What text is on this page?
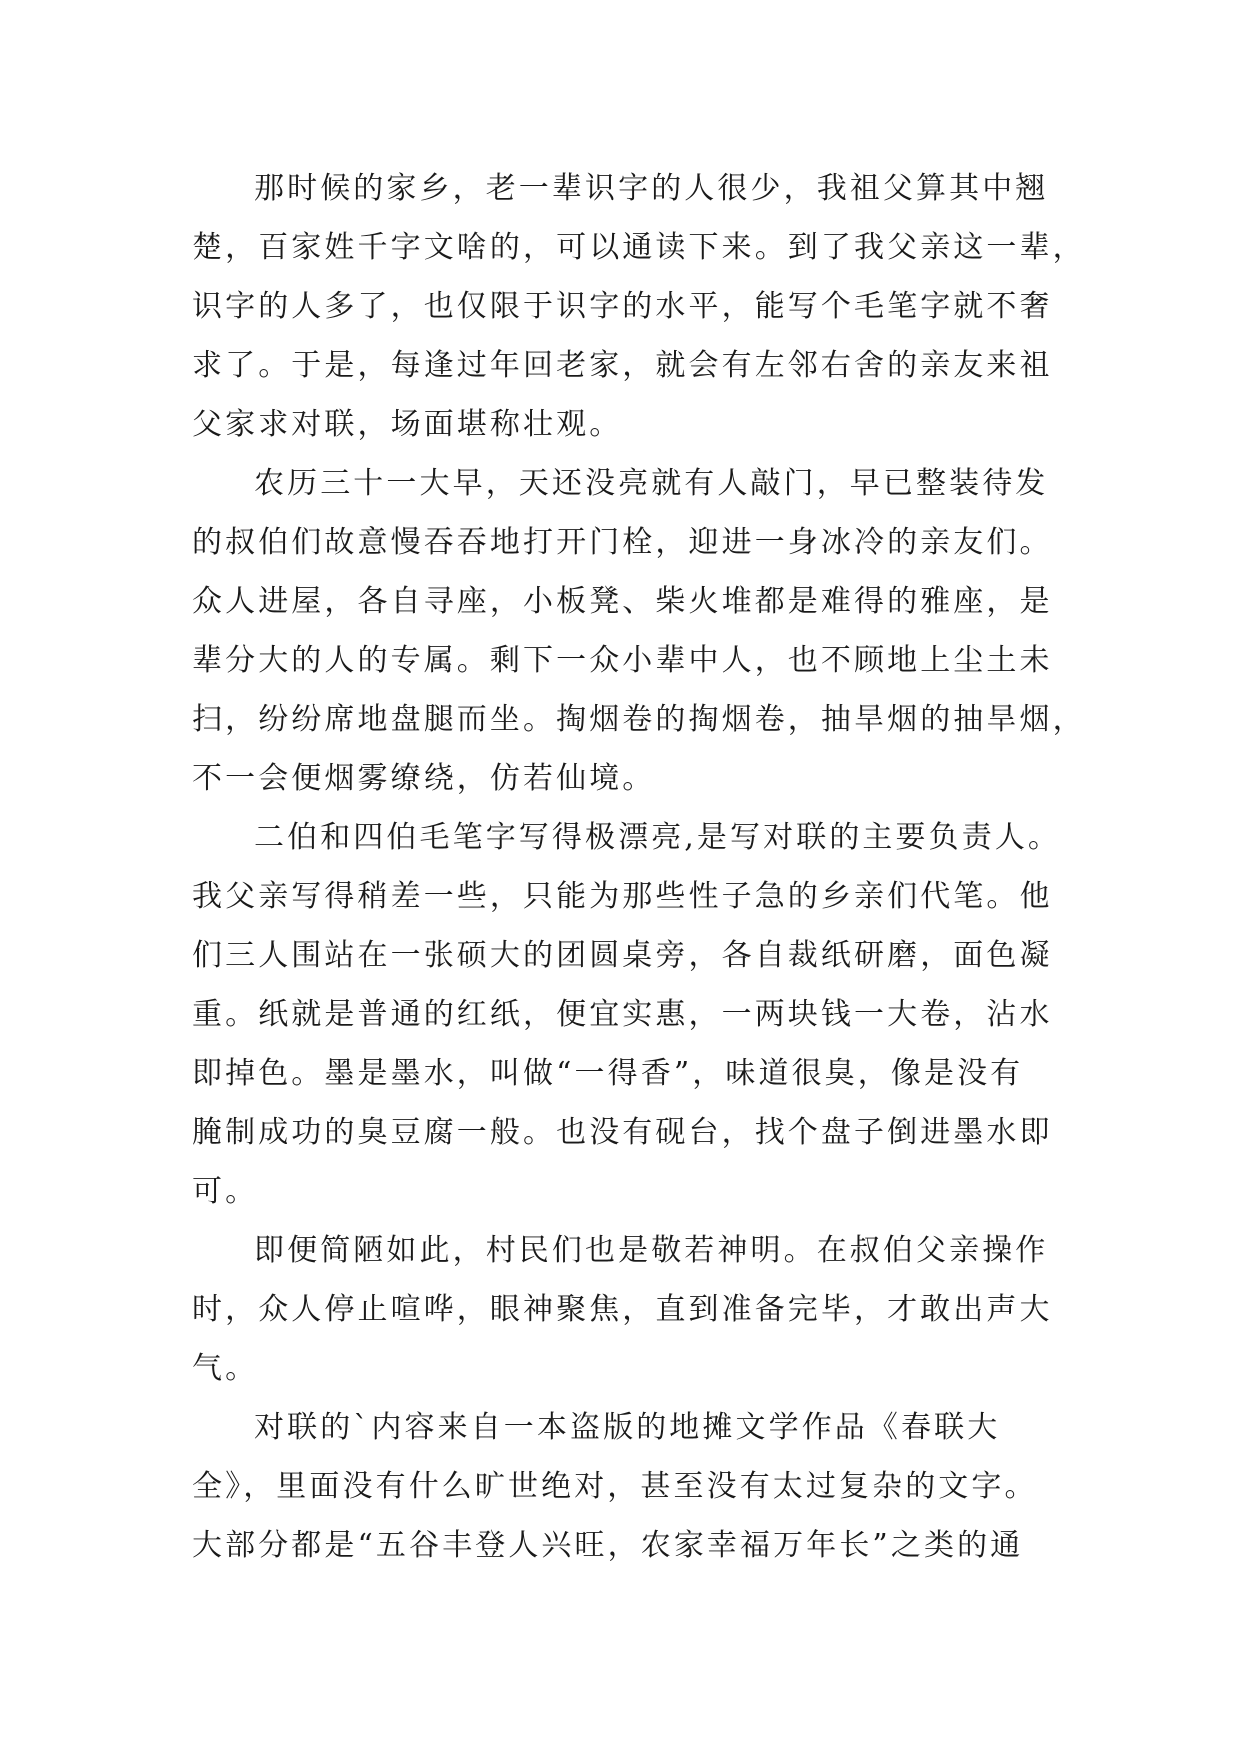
那时候的家乡，老一辈识字的人很少，我祖父算其中翘
楚，百家姓千字文啥的，可以通读下来。到了我父亲这一辈，
识字的人多了，也仅限于识字的水平，能写个毛笔字就不奢
求了。于是，每逢过年回老家，就会有左邻右舍的亲友来祖
父家求对联，场面堪称壮观。
农历三十一大早，天还没亮就有人敲门，早已整装待发
的叔伯们故意慢吞吞地打开门栓，迎进一身冰冷的亲友们。
众人进屋，各自寻座，小板凳、柴火堆都是难得的雅座，是
辈分大的人的专属。剩下一众小辈中人，也不顾地上尘土未
扫，纷纷席地盘腿而坐。掏烟卷的掏烟卷，抽旱烟的抽旱烟，
不一会便烟雾缭绕，仿若仙境。
二伯和四伯毛笔字写得极漂亮,是写对联的主要负责人。
我父亲写得稍差一些，只能为那些性子急的乡亲们代笔。他
们三人围站在一张硕大的团圆桌旁，各自裁纸研磨，面色凝
重。纸就是普通的红纸，便宜实惠，一两块钱一大卷，沾水
即掉色。墨是墨水，叫做“一得香”，味道很臭，像是没有
腌制成功的臭豆腐一般。也没有砚台，找个盘子倒进墨水即
可。
即便简陋如此，村民们也是敬若神明。在叔伯父亲操作
时，众人停止喧哗，眼神聚焦，直到准备完毕，才敢出声大
气。
对联的`内容来自一本盗版的地摊文学作品《春联大
全》，里面没有什么旷世绝对，甚至没有太过复杂的文字。
大部分都是“五谷丰登人兴旺，农家幸福万年长”之类的通
